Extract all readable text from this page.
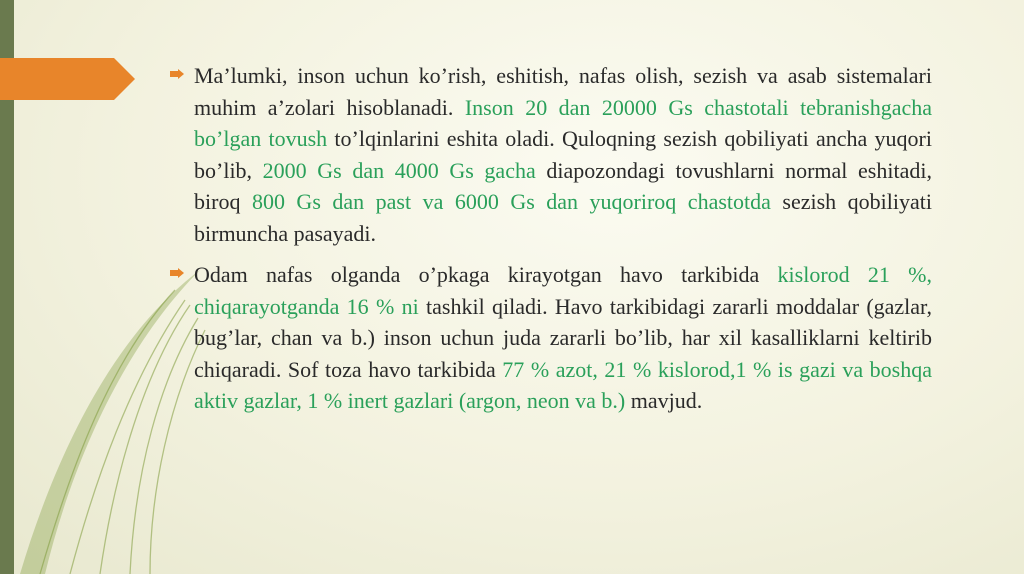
Ma’lumki, inson uchun ko’rish, eshitish, nafas olish, sezish va asab sistemalari muhim a’zolari hisoblanadi. Inson 20 dan 20000 Gs chastotali tebranishgacha bo’lgan tovush to’lqinlarini eshita oladi. Quloqning sezish qobiliyati ancha yuqori bo’lib, 2000 Gs dan 4000 Gs gacha diapozondagi tovushlarni normal eshitadi, biroq 800 Gs dan past va 6000 Gs dan yuqoriroq chastotda sezish qobiliyati birmuncha pasayadi.
Odam nafas olganda o’pkaga kirayotgan havo tarkibida kislorod 21 %, chiqarayotganda 16 % ni tashkil qiladi. Havo tarkibidagi zararli moddalar (gazlar, bug’lar, chan va b.) inson uchun juda zararli bo’lib, har xil kasalliklarni keltirib chiqaradi. Sof toza havo tarkibida 77 % azot, 21 % kislorod,1 % is gazi va boshqa aktiv gazlar, 1 % inert gazlari (argon, neon va b.) mavjud.
